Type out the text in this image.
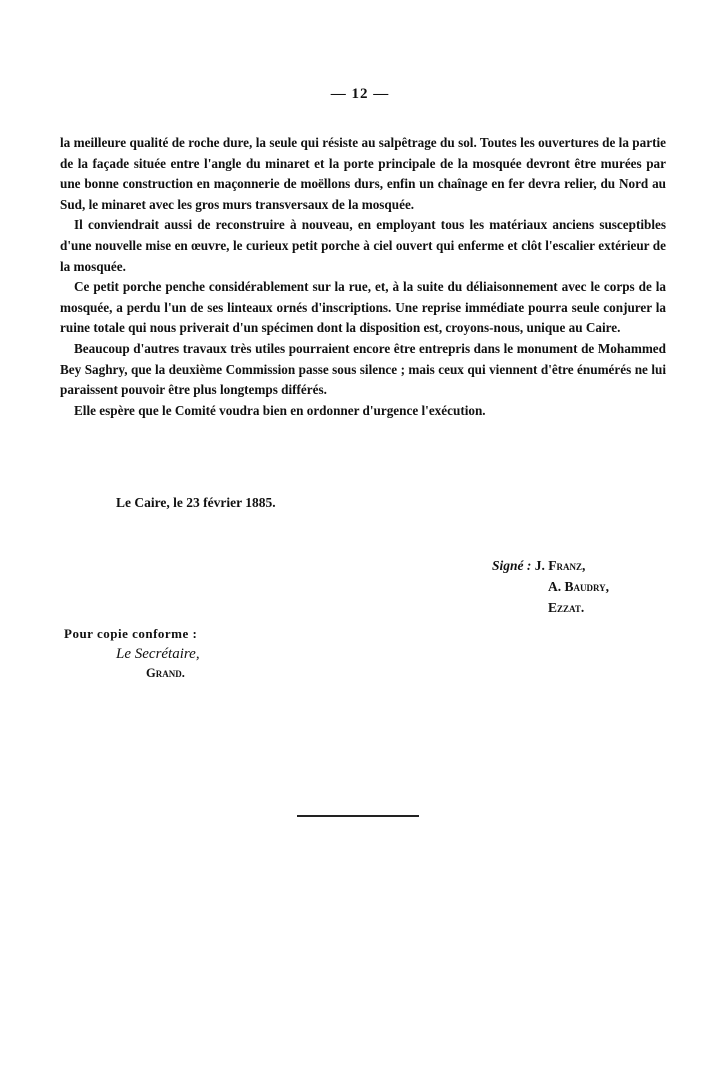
— 12 —

la meilleure qualité de roche dure, la seule qui résiste au salpêtrage du sol. Toutes les ouvertures de la partie de la façade située entre l'angle du minaret et la porte principale de la mosquée devront être murées par une bonne construction en maçonnerie de moëllons durs, enfin un chaînage en fer devra relier, du Nord au Sud, le minaret avec les gros murs transversaux de la mosquée.

Il conviendrait aussi de reconstruire à nouveau, en employant tous les matériaux anciens susceptibles d'une nouvelle mise en œuvre, le curieux petit porche à ciel ouvert qui enferme et clôt l'escalier extérieur de la mosquée.

Ce petit porche penche considérablement sur la rue, et, à la suite du déliaisonnement avec le corps de la mosquée, a perdu l'un de ses linteaux ornés d'inscriptions. Une reprise immédiate pourra seule conjurer la ruine totale qui nous priverait d'un spécimen dont la disposition est, croyons-nous, unique au Caire.

Beaucoup d'autres travaux très utiles pourraient encore être entrepris dans le monument de Mohammed Bey Saghry, que la deuxième Commission passe sous silence ; mais ceux qui viennent d'être énumérés ne lui paraissent pouvoir être plus longtemps différés.

Elle espère que le Comité voudra bien en ordonner d'urgence l'exécution.

Le Caire, le 23 février 1885.
Signé : J. Franz,
A. Baudry,
Ezzat.
Pour copie conforme :
Le Secrétaire,
Grand.
